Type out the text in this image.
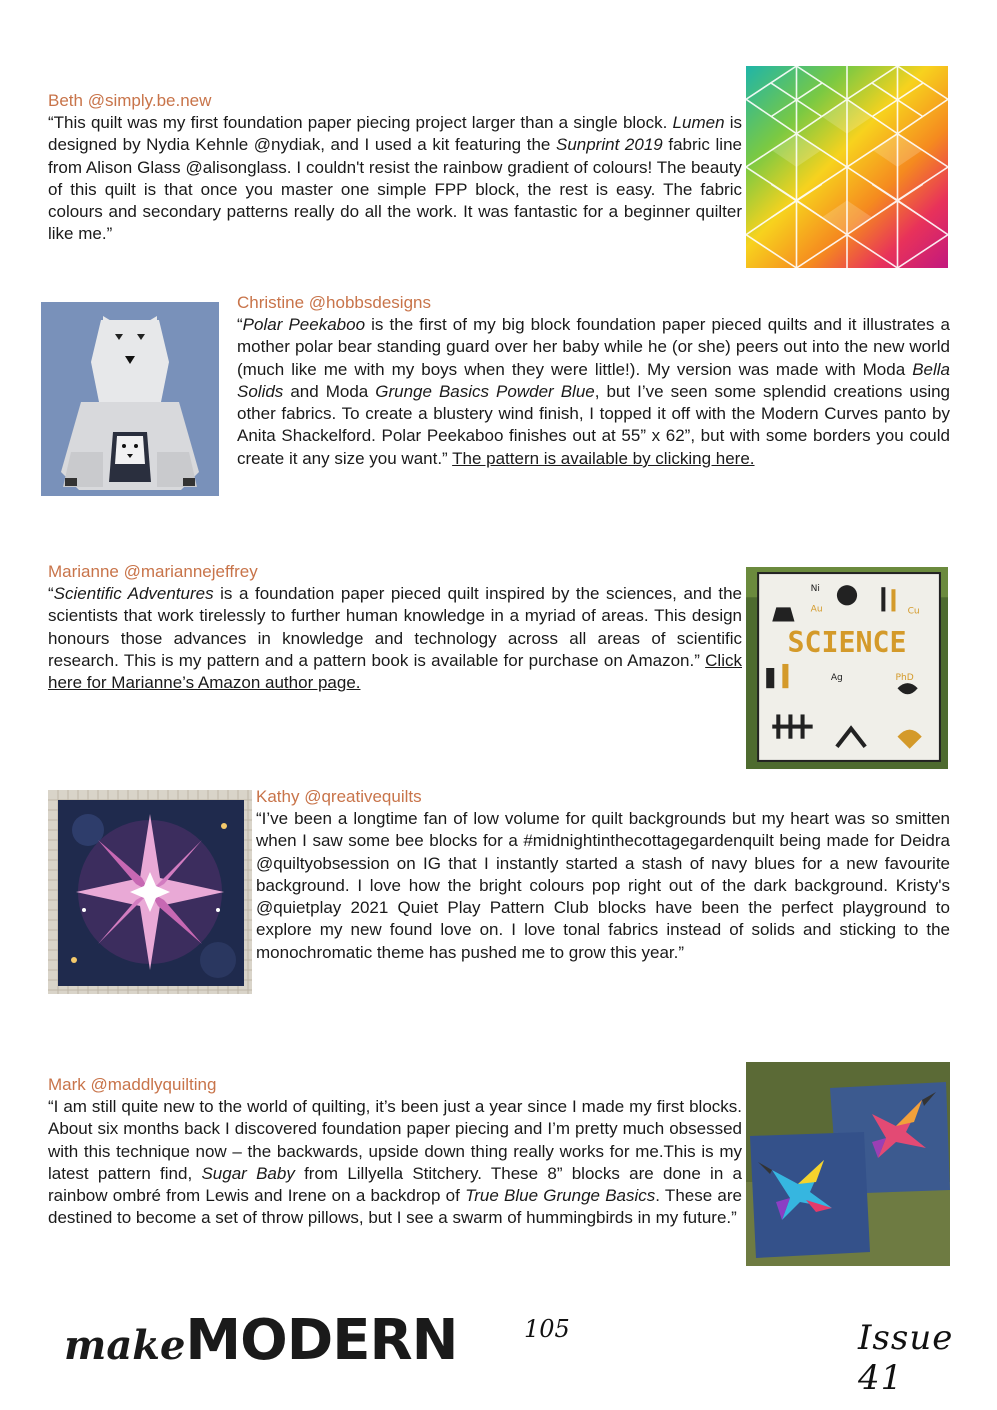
Beth @simply.be.new

“This quilt was my first foundation paper piecing project larger than a single block. Lumen is designed by Nydia Kehnle @nydiak, and I used a kit featuring the Sunprint 2019 fabric line from Alison Glass @alisonglass. I couldn't resist the rainbow gradient of colours! The beauty of this quilt is that once you master one simple FPP block, the rest is easy. The fabric colours and secondary patterns really do all the work. It was fantastic for a beginner quilter like me.”

Christine @hobbsdesigns

“Polar Peekaboo is the first of my big block foundation paper pieced quilts and it illustrates a mother polar bear standing guard over her baby while he (or she) peers out into the new world (much like me with my boys when they were little!). My version was made with Moda Bella Solids and Moda Grunge Basics Powder Blue, but I’ve seen some splendid creations using other fabrics. To create a blustery wind finish, I topped it off with the Modern Curves panto by Anita Shackelford. Polar Peekaboo finishes out at 55” x 62”, but with some borders you could create it any size you want.” The pattern is available by clicking here.

Marianne @mariannejeffrey

“Scientific Adventures is a foundation paper pieced quilt inspired by the sciences, and the scientists that work tirelessly to further human knowledge in a myriad of areas. This design honours those advances in knowledge and technology across all areas of scientific research. This is my pattern and a pattern book is available for purchase on Amazon.” Click here for Marianne’s Amazon author page.

SCIENCE
Ni
Au	Cu
Ag	PhD

Kathy @qreativequilts

“I’ve been a longtime fan of low volume for quilt backgrounds but my heart was so smitten when I saw some bee blocks for a #midnightinthecottagegardenquilt being made for Deidra @quiltyobsession on IG that I instantly started a stash of navy blues for a new favourite background. I love how the bright colours pop right out of the dark background. Kristy's @quietplay 2021 Quiet Play Pattern Club blocks have been the perfect playground to explore my new found love on. I love tonal fabrics instead of solids and sticking to the monochromatic theme has pushed me to grow this year.”

Mark @maddlyquilting

“I am still quite new to the world of quilting, it’s been just a year since I made my first blocks. About six months back I discovered foundation paper piecing and I’m pretty much obsessed with this technique now – the backwards, upside down thing really works for me.This is my latest pattern find, Sugar Baby from Lillyella Stitchery. These 8” blocks are done in a rainbow ombré from Lewis and Irene on a backdrop of True Blue Grunge Basics. These are destined to become a set of throw pillows, but I see a swarm of hummingbirds in my future.”

makeMODERN	105	Issue 41
